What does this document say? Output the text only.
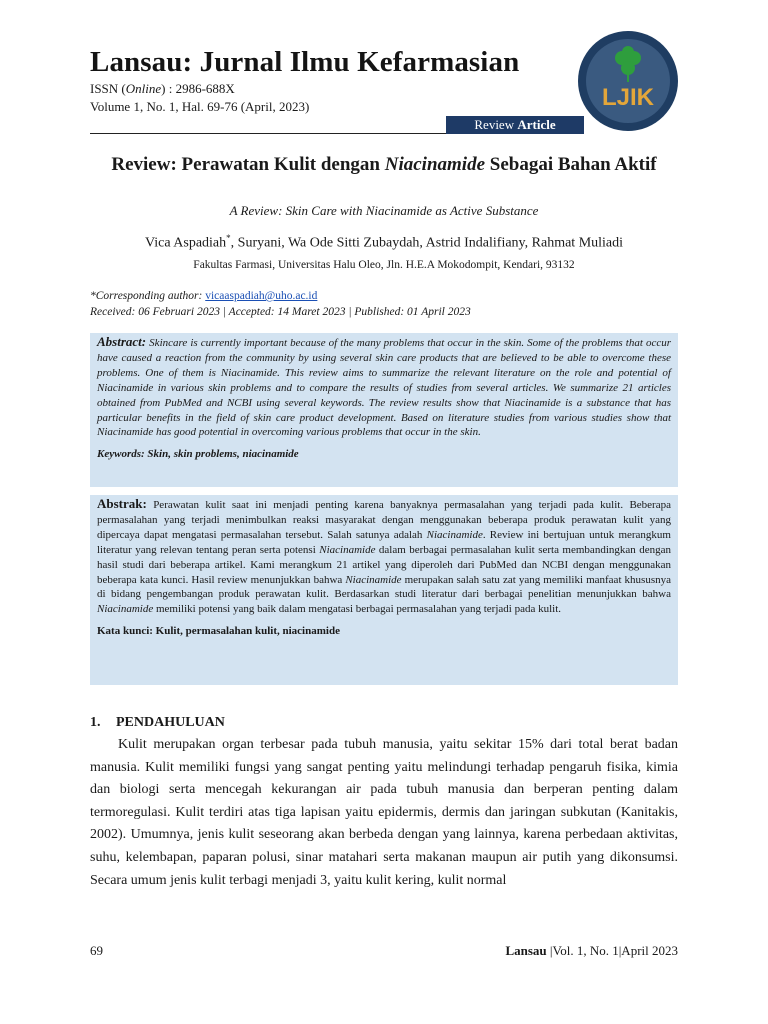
Lansau: Jurnal Ilmu Kefarmasian
ISSN (Online) : 2986-688X
Volume 1, No. 1, Hal. 69-76 (April, 2023)
Review Article
LJIK
Review: Perawatan Kulit dengan Niacinamide Sebagai Bahan Aktif
A Review: Skin Care with Niacinamide as Active Substance
Vica Aspadiah*, Suryani, Wa Ode Sitti Zubaydah, Astrid Indalifiany, Rahmat Muliadi
Fakultas Farmasi, Universitas Halu Oleo, Jln. H.E.A Mokodompit, Kendari, 93132
*Corresponding author: vicaaspadiah@uho.ac.id
Received: 06 Februari 2023 | Accepted: 14 Maret 2023 | Published: 01 April 2023

Abstract: Skincare is currently important because of the many problems that occur in the skin. Some of the problems that occur have caused a reaction from the community by using several skin care products that are believed to be able to overcome these problems. One of them is Niacinamide. This review aims to summarize the relevant literature on the role and potential of Niacinamide in various skin problems and to compare the results of studies from several articles. We summarize 21 articles obtained from PubMed and NCBI using several keywords. The review results show that Niacinamide is a substance that has particular benefits in the field of skin care product development. Based on literature studies from various studies show that Niacinamide has good potential in overcoming various problems that occur in the skin.

Keywords: Skin, skin problems, niacinamide

Abstrak: Perawatan kulit saat ini menjadi penting karena banyaknya permasalahan yang terjadi pada kulit. Beberapa permasalahan yang terjadi menimbulkan reaksi masyarakat dengan menggunakan beberapa produk perawatan kulit yang dipercaya dapat mengatasi permasalahan tersebut. Salah satunya adalah Niacinamide. Review ini bertujuan untuk merangkum literatur yang relevan tentang peran serta potensi Niacinamide dalam berbagai permasalahan kulit serta membandingkan dengan hasil studi dari beberapa artikel. Kami merangkum 21 artikel yang diperoleh dari PubMed dan NCBI dengan menggunakan beberapa kata kunci. Hasil review menunjukkan bahwa Niacinamide merupakan salah satu zat yang memiliki manfaat khususnya di bidang pengembangan produk perawatan kulit. Berdasarkan studi literatur dari berbagai penelitian menunjukkan bahwa Niacinamide memiliki potensi yang baik dalam mengatasi berbagai permasalahan yang terjadi pada kulit.

Kata kunci: Kulit, permasalahan kulit, niacinamide
1. PENDAHULUAN

Kulit merupakan organ terbesar pada tubuh manusia, yaitu sekitar 15% dari total berat badan manusia. Kulit memiliki fungsi yang sangat penting yaitu melindungi terhadap pengaruh fisika, kimia dan biologi serta mencegah kekurangan air pada tubuh manusia dan berperan penting dalam termoregulasi. Kulit terdiri atas tiga lapisan yaitu epidermis, dermis dan jaringan subkutan (Kanitakis, 2002). Umumnya, jenis kulit seseorang akan berbeda dengan yang lainnya, karena perbedaan aktivitas, suhu, kelembapan, paparan polusi, sinar matahari serta makanan maupun air putih yang dikonsumsi. Secara umum jenis kulit terbagi menjadi 3, yaitu kulit kering, kulit normal

69	Lansau |Vol. 1, No. 1|April 2023
